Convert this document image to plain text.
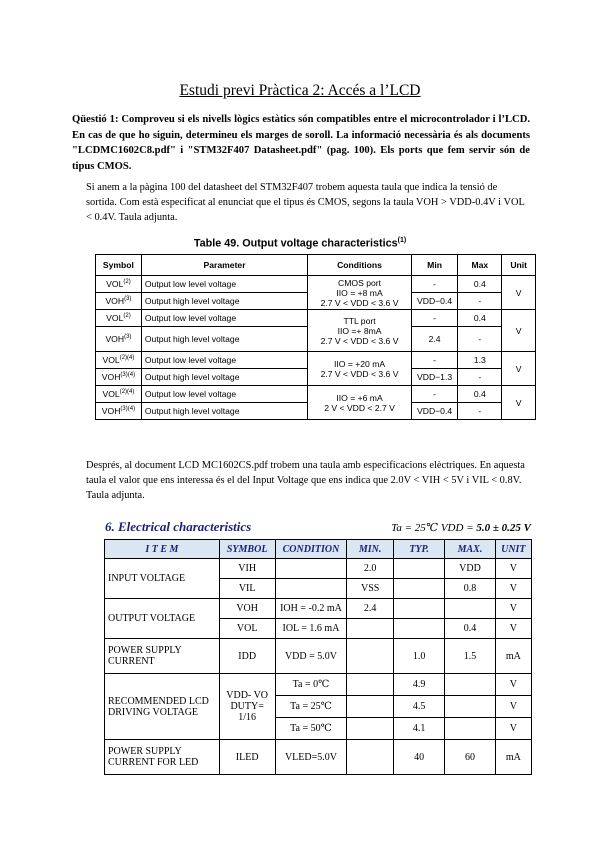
Estudi previ Pràctica 2: Accés a l’LCD

Qüestió 1: Comproveu si els nivells lògics estàtics són compatibles entre el microcontrolador i l’LCD. En cas de que ho siguin, determineu els marges de soroll. La informació necessària és als documents "LCDMC1602C8.pdf" i "STM32F407 Datasheet.pdf" (pag. 100). Els ports que fem servir són de tipus CMOS.

Si anem a la pàgina 100 del datasheet del STM32F407 trobem aquesta taula que indica la tensió de sortida. Com està especificat al enunciat que el tipus és CMOS, segons la taula VOH > VDD-0.4V i VOL < 0.4V. Taula adjunta.

Table 49. Output voltage characteristics$^{(1)}$
Symbol	Parameter	Conditions	Min	Max	Unit
VOL$^{(2)}$	Output low level voltage	CMOS port
IIO = +8 mA
2.7 V < VDD < 3.6 V	-	0.4	V
VOH$^{(3)}$	Output high level voltage		VDD−0.4	-	
VOL$^{(2)}$	Output low level voltage	TTL port
IIO =+ 8mA
2.7 V < VDD < 3.6 V	-	0.4	V
VOH$^{(3)}$	Output high level voltage		2.4	-	
$VOL^{(2)(4)}$	Output low level voltage	IIO = +20 mA
2.7 V < VDD < 3.6 V	-	1.3	V
$VOH^{(3)(4)}$	Output high level voltage		VDD−1.3	-	
$VOL^{(2)(4)}$	Output low level voltage	IIO = +6 mA
2 V < VDD < 2.7 V	-	0.4	V
$VOH^{(3)(4)}$	Output high level voltage		VDD−0.4	-	

Després, al document LCD MC1602CS.pdf trobem una taula amb especificacions elèctriques. En aquesta taula el valor que ens interessa és el del Input Voltage que ens indica que 2.0V < VIH < 5V i VIL < 0.8V. Taula adjunta.

6. Electrical characteristics	Ta = 25℃ VDD = 5.0 ± 0.25 V
I T E M	SYMBOL	CONDITION	MIN.	TYP.	MAX.	UNIT
INPUT VOLTAGE	VIH		2.0		VDD	V
	VIL		VSS		0.8	V
OUTPUT VOLTAGE	VOH	IOH = -0.2 mA	2.4			V
	VOL	IOL = 1.6 mA			0.4	V
POWER SUPPLY CURRENT	IDD	VDD = 5.0V		1.0	1.5	mA
RECOMMENDED LCD DRIVING VOLTAGE	VDD- VO DUTY= 1/16	Ta = 0℃		4.9		V
		Ta = 25℃		4.5		V
		Ta = 50℃		4.1		V
POWER SUPPLY CURRENT FOR LED	ILED	VLED=5.0V		40	60	mA
